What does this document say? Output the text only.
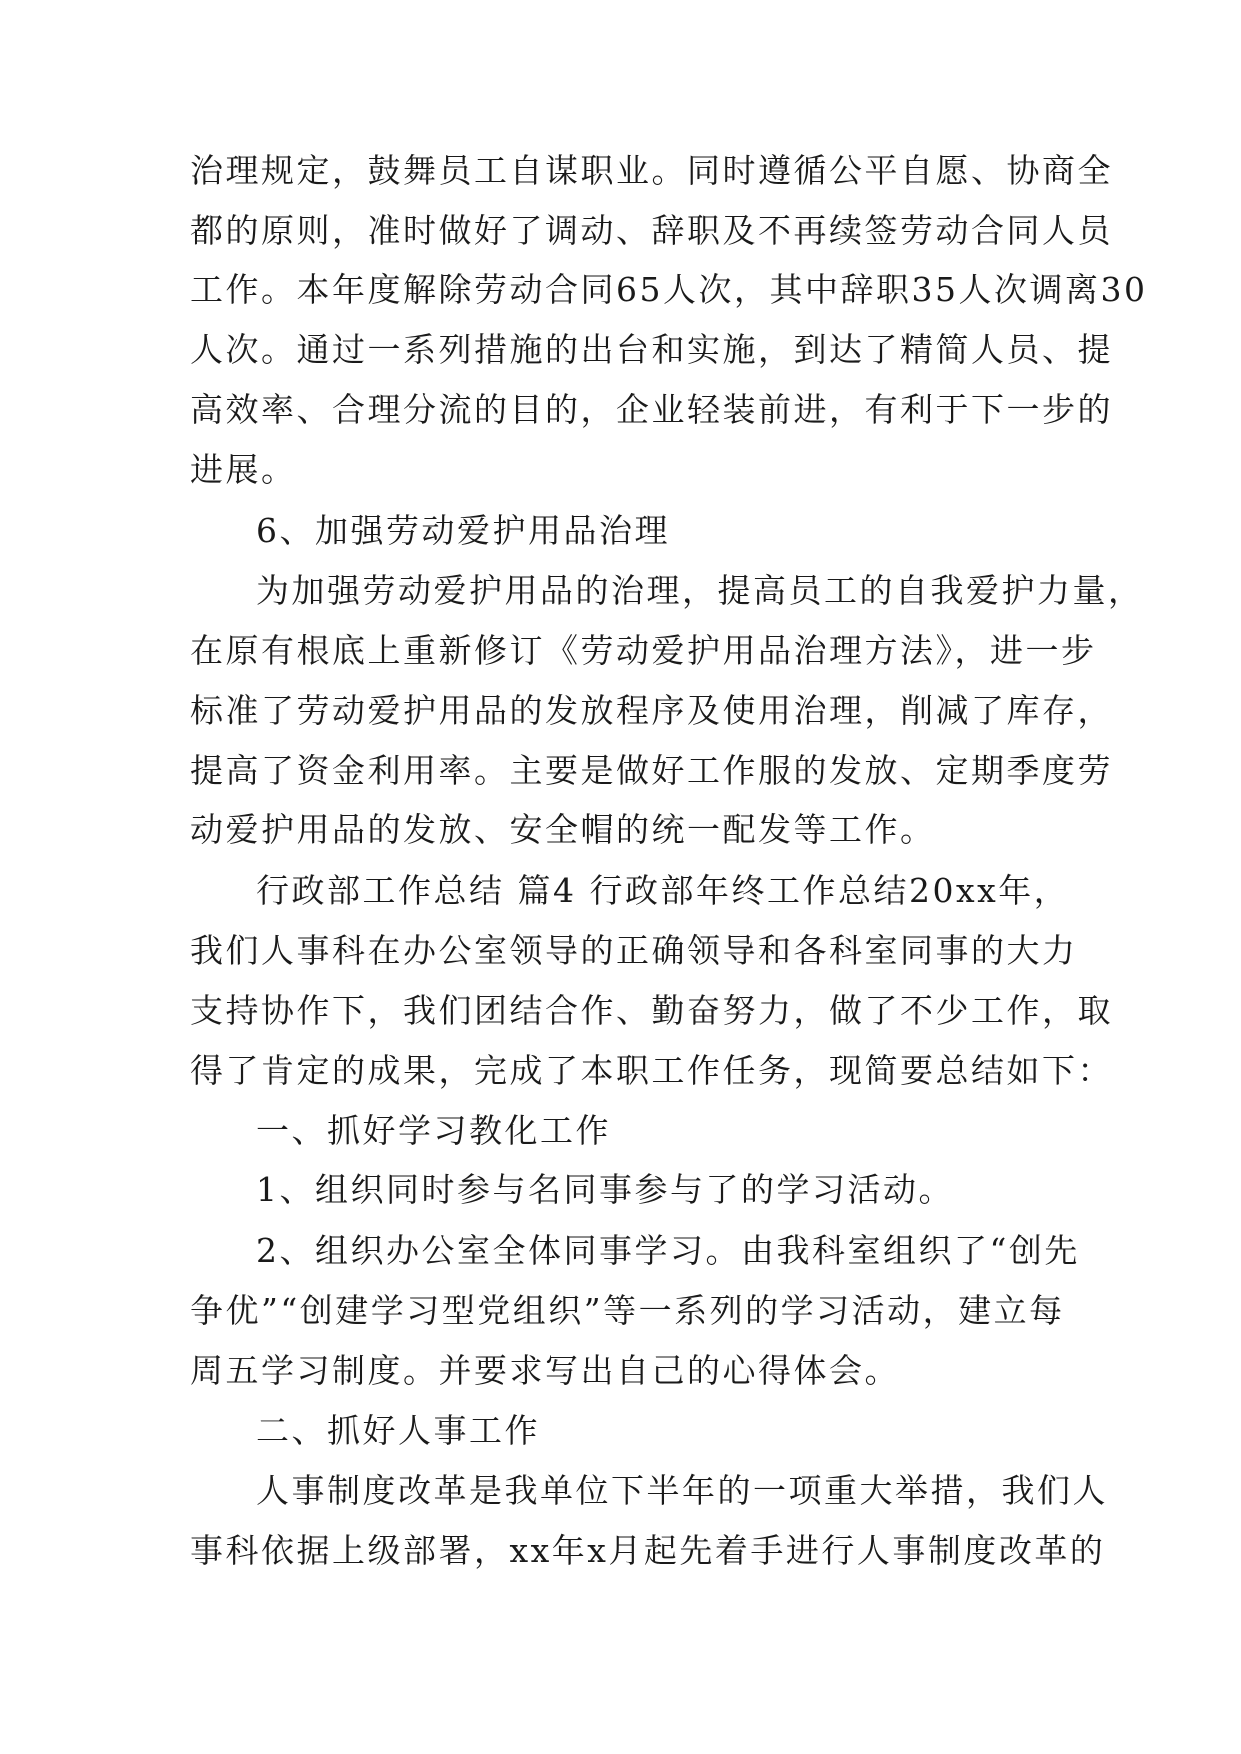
治理规定，鼓舞员工自谋职业。同时遵循公平自愿、协商全
都的原则，准时做好了调动、辞职及不再续签劳动合同人员
工作。本年度解除劳动合同65人次，其中辞职35人次调离30
人次。通过一系列措施的出台和实施，到达了精简人员、提
高效率、合理分流的目的，企业轻装前进，有利于下一步的
进展。
6、加强劳动爱护用品治理
为加强劳动爱护用品的治理，提高员工的自我爱护力量，
在原有根底上重新修订《劳动爱护用品治理方法》，进一步
标准了劳动爱护用品的发放程序及使用治理，削减了库存，
提高了资金利用率。主要是做好工作服的发放、定期季度劳
动爱护用品的发放、安全帽的统一配发等工作。
行政部工作总结 篇4 行政部年终工作总结20xx年，
我们人事科在办公室领导的正确领导和各科室同事的大力
支持协作下，我们团结合作、勤奋努力，做了不少工作，取
得了肯定的成果，完成了本职工作任务，现简要总结如下：
一、抓好学习教化工作
1、组织同时参与名同事参与了的学习活动。
2、组织办公室全体同事学习。由我科室组织了“创先
争优”“创建学习型党组织”等一系列的学习活动，建立每
周五学习制度。并要求写出自己的心得体会。
二、抓好人事工作
人事制度改革是我单位下半年的一项重大举措，我们人
事科依据上级部署，xx年x月起先着手进行人事制度改革的
